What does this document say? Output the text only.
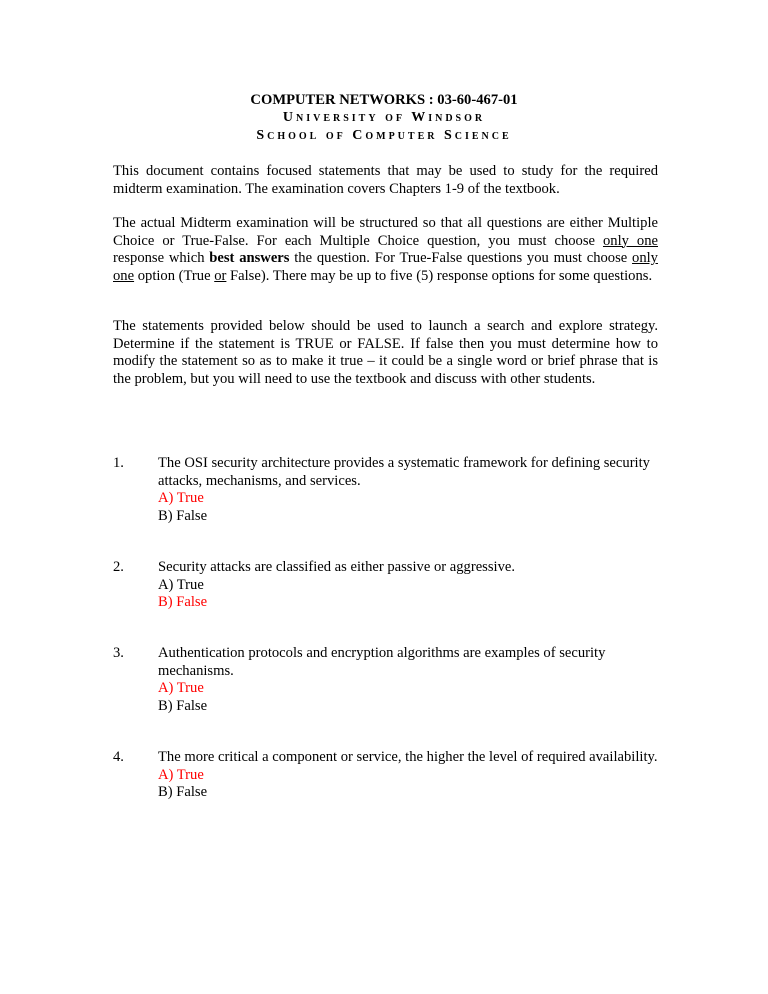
COMPUTER NETWORKS : 03-60-467-01

University of Windsor

School of Computer Science

This document contains focused statements that may be used to study for the required midterm examination. The examination covers Chapters 1-9 of the textbook.

The actual Midterm examination will be structured so that all questions are either Multiple Choice or True-False. For each Multiple Choice question, you must choose only one response which best answers the question. For True-False questions you must choose only one option (True or False). There may be up to five (5) response options for some questions.

The statements provided below should be used to launch a search and explore strategy. Determine if the statement is TRUE or FALSE. If false then you must determine how to modify the statement so as to make it true – it could be a single word or brief phrase that is the problem, but you will need to use the textbook and discuss with other students.

1. The OSI security architecture provides a systematic framework for defining security attacks, mechanisms, and services.

A) True
B) False
2. Security attacks are classified as either passive or aggressive.

A) True
B) False
3. Authentication protocols and encryption algorithms are examples of security mechanisms.

A) True
B) False
4. The more critical a component or service, the higher the level of required availability.

A) True
B) False
